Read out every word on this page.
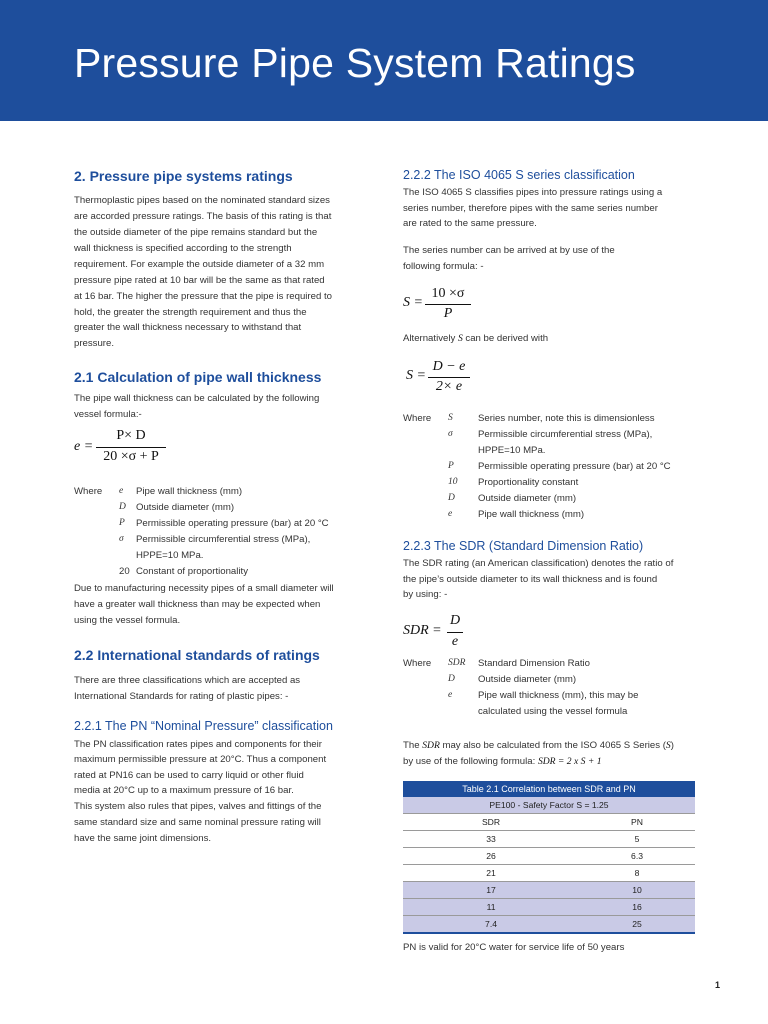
Pressure Pipe System Ratings
2. Pressure pipe systems ratings

Thermoplastic pipes based on the nominated standard sizes

are accorded pressure ratings. The basis of this rating is that

the outside diameter of the pipe remains standard but the

wall thickness is specified according to the strength

requirement. For example the outside diameter of a 32 mm

pressure pipe rated at 10 bar will be the same as that rated

at 16 bar. The higher the pressure that the pipe is required to

hold, the greater the strength requirement and thus the

greater the wall thickness necessary to withstand that

pressure.

2.1 Calculation of pipe wall thickness

The pipe wall thickness can be calculated by the following

vessel formula:-

e =
P× D
20 ×σ + P
Where e Pipe wall thickness (mm)
D Outside diameter (mm)
P Permissible operating pressure (bar) at 20 °C
σ Permissible circumferential stress (MPa),
HPPE=10 MPa.
20 Constant of proportionality

Due to manufacturing necessity pipes of a small diameter will

have a greater wall thickness than may be expected when

using the vessel formula.

2.2 International standards of ratings

There are three classifications which are accepted as

International Standards for rating of plastic pipes: -

2.2.1 The PN “Nominal Pressure” classification

The PN classification rates pipes and components for their

maximum permissible pressure at 20°C. Thus a component

rated at PN16 can be used to carry liquid or other fluid

media at 20°C up to a maximum pressure of 16 bar.

This system also rules that pipes, valves and fittings of the

same standard size and same nominal pressure rating will

have the same joint dimensions.

2.2.2 The ISO 4065 S series classification

The ISO 4065 S classifies pipes into pressure ratings using a

series number, therefore pipes with the same series number

are rated to the same pressure.

The series number can be arrived at by use of the

following formula: -

Alternatively S can be derived with

S =
10 ×σ
P
S =
D − e
2× e
Where S	Series number, note this is dimensionless
σ	Permissible circumferential stress (MPa),
HPPE=10 MPa.
P	Permissible operating pressure (bar) at 20 °C
10 Proportionality constant
D Outside diameter (mm)
e	Pipe wall thickness (mm)
2.2.3 The SDR (Standard Dimension Ratio)

The SDR rating (an American classification) denotes the ratio of

the pipe’s outside diameter to its wall thickness and is found

by using: -

SDR =
D
e
Where SDR Standard Dimension Ratio
D Outside diameter (mm)
e	Pipe wall thickness (mm), this may be
calculated using the vessel formula

The SDR may also be calculated from the ISO 4065 S Series (S)

by use of the following formula: SDR = 2 x S + 1

Table 2.1 Correlation between SDR and PN	
PE100 - Safety Factor S = 1.25	
SDR	PN
33	5
26	6.3
21	8
17	10
11	16
7.4	25

PN is valid for 20°C water for service life of 50 years

1
